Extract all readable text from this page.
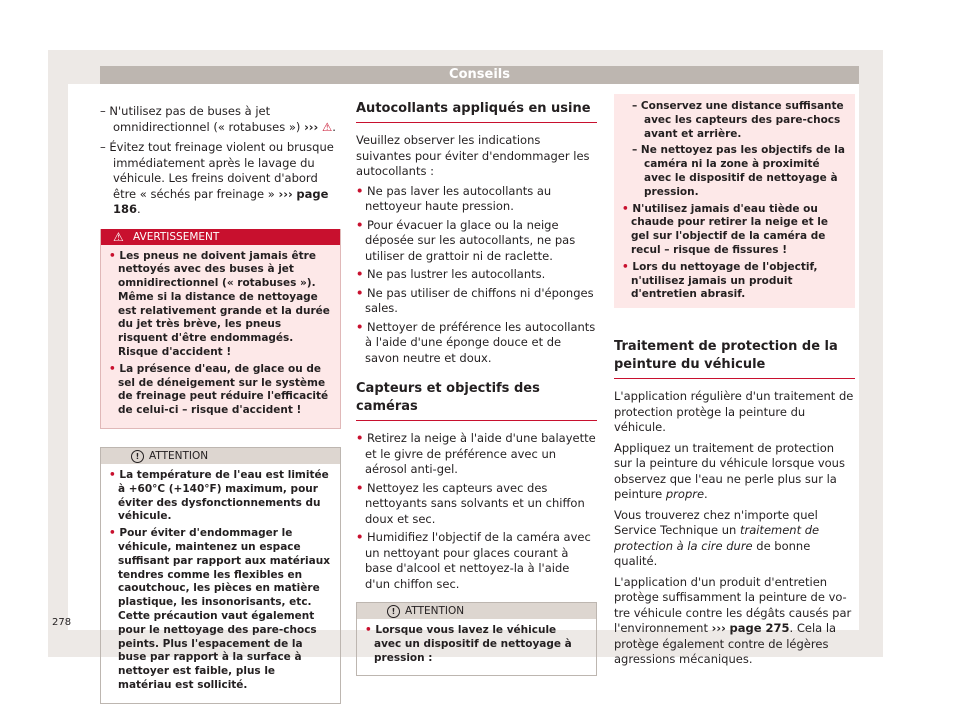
Conseils

– N'utilisez pas de buses à jet omnidirectionnel (« rotabuses ») ››› ⚠.

– Évitez tout freinage violent ou brusque immédiatement après le lavage du véhicule. Les freins doivent d'abord être « séchés par freinage » ››› page 186.

⚠ AVERTISSEMENT

• Les pneus ne doivent jamais être nettoyés avec des buses à jet omnidirectionnel (« rotabuses »). Même si la distance de nettoyage est relativement grande et la durée du jet très brève, les pneus risquent d'être endommagés. Risque d'accident !

• La présence d'eau, de glace ou de sel de déneigement sur le système de freinage peut réduire l'efficacité de celui-ci – risque d'accident !

! ATTENTION

• La température de l'eau est limitée à +60°C (+140°F) maximum, pour éviter des dysfonctionnements du véhicule.

• Pour éviter d'endommager le véhicule, maintenez un espace suffisant par rapport aux matériaux tendres comme les flexibles en caoutchouc, les pièces en matière plastique, les insonorisants, etc. Cette précaution vaut également pour le nettoyage des pare-chocs peints. Plus l'espacement de la buse par rapport à la surface à nettoyer est faible, plus le matériau est sollicité.

Autocollants appliqués en usine

Veuillez observer les indications suivantes pour éviter d'endommager les autocollants :

• Ne pas laver les autocollants au nettoyeur haute pression.

• Pour évacuer la glace ou la neige déposée sur les autocollants, ne pas utiliser de grattoir ni de raclette.

• Ne pas lustrer les autocollants.

• Ne pas utiliser de chiffons ni d'éponges sales.

• Nettoyer de préférence les autocollants à l'aide d'une éponge douce et de savon neutre et doux.

Capteurs et objectifs des caméras

• Retirez la neige à l'aide d'une balayette et le givre de préférence avec un aérosol anti-gel.

• Nettoyez les capteurs avec des nettoyants sans solvants et un chiffon doux et sec.

• Humidifiez l'objectif de la caméra avec un nettoyant pour glaces courant à base d'alcool et nettoyez-la à l'aide d'un chiffon sec.

! ATTENTION

• Lorsque vous lavez le véhicule avec un dispositif de nettoyage à pression :

– Conservez une distance suffisante avec les capteurs des pare-chocs avant et arrière.

– Ne nettoyez pas les objectifs de la caméra ni la zone à proximité avec le dispositif de nettoyage à pression.

• N'utilisez jamais d'eau tiède ou chaude pour retirer la neige et le gel sur l'objectif de la caméra de recul – risque de fissures !

• Lors du nettoyage de l'objectif, n'utilisez jamais un produit d'entretien abrasif.

Traitement de protection de la peinture du véhicule

L'application régulière d'un traitement de protection protège la peinture du véhicule.

Appliquez un traitement de protection sur la peinture du véhicule lorsque vous observez que l'eau ne perle plus sur la peinture propre.

Vous trouverez chez n'importe quel Service Technique un traitement de protection à la cire dure de bonne qualité.

L'application d'un produit d'entretien protège suffisamment la peinture de votre véhicule contre les dégâts causés par l'environnement ››› page 275. Cela la protège également contre de légères agressions mécaniques.

278
